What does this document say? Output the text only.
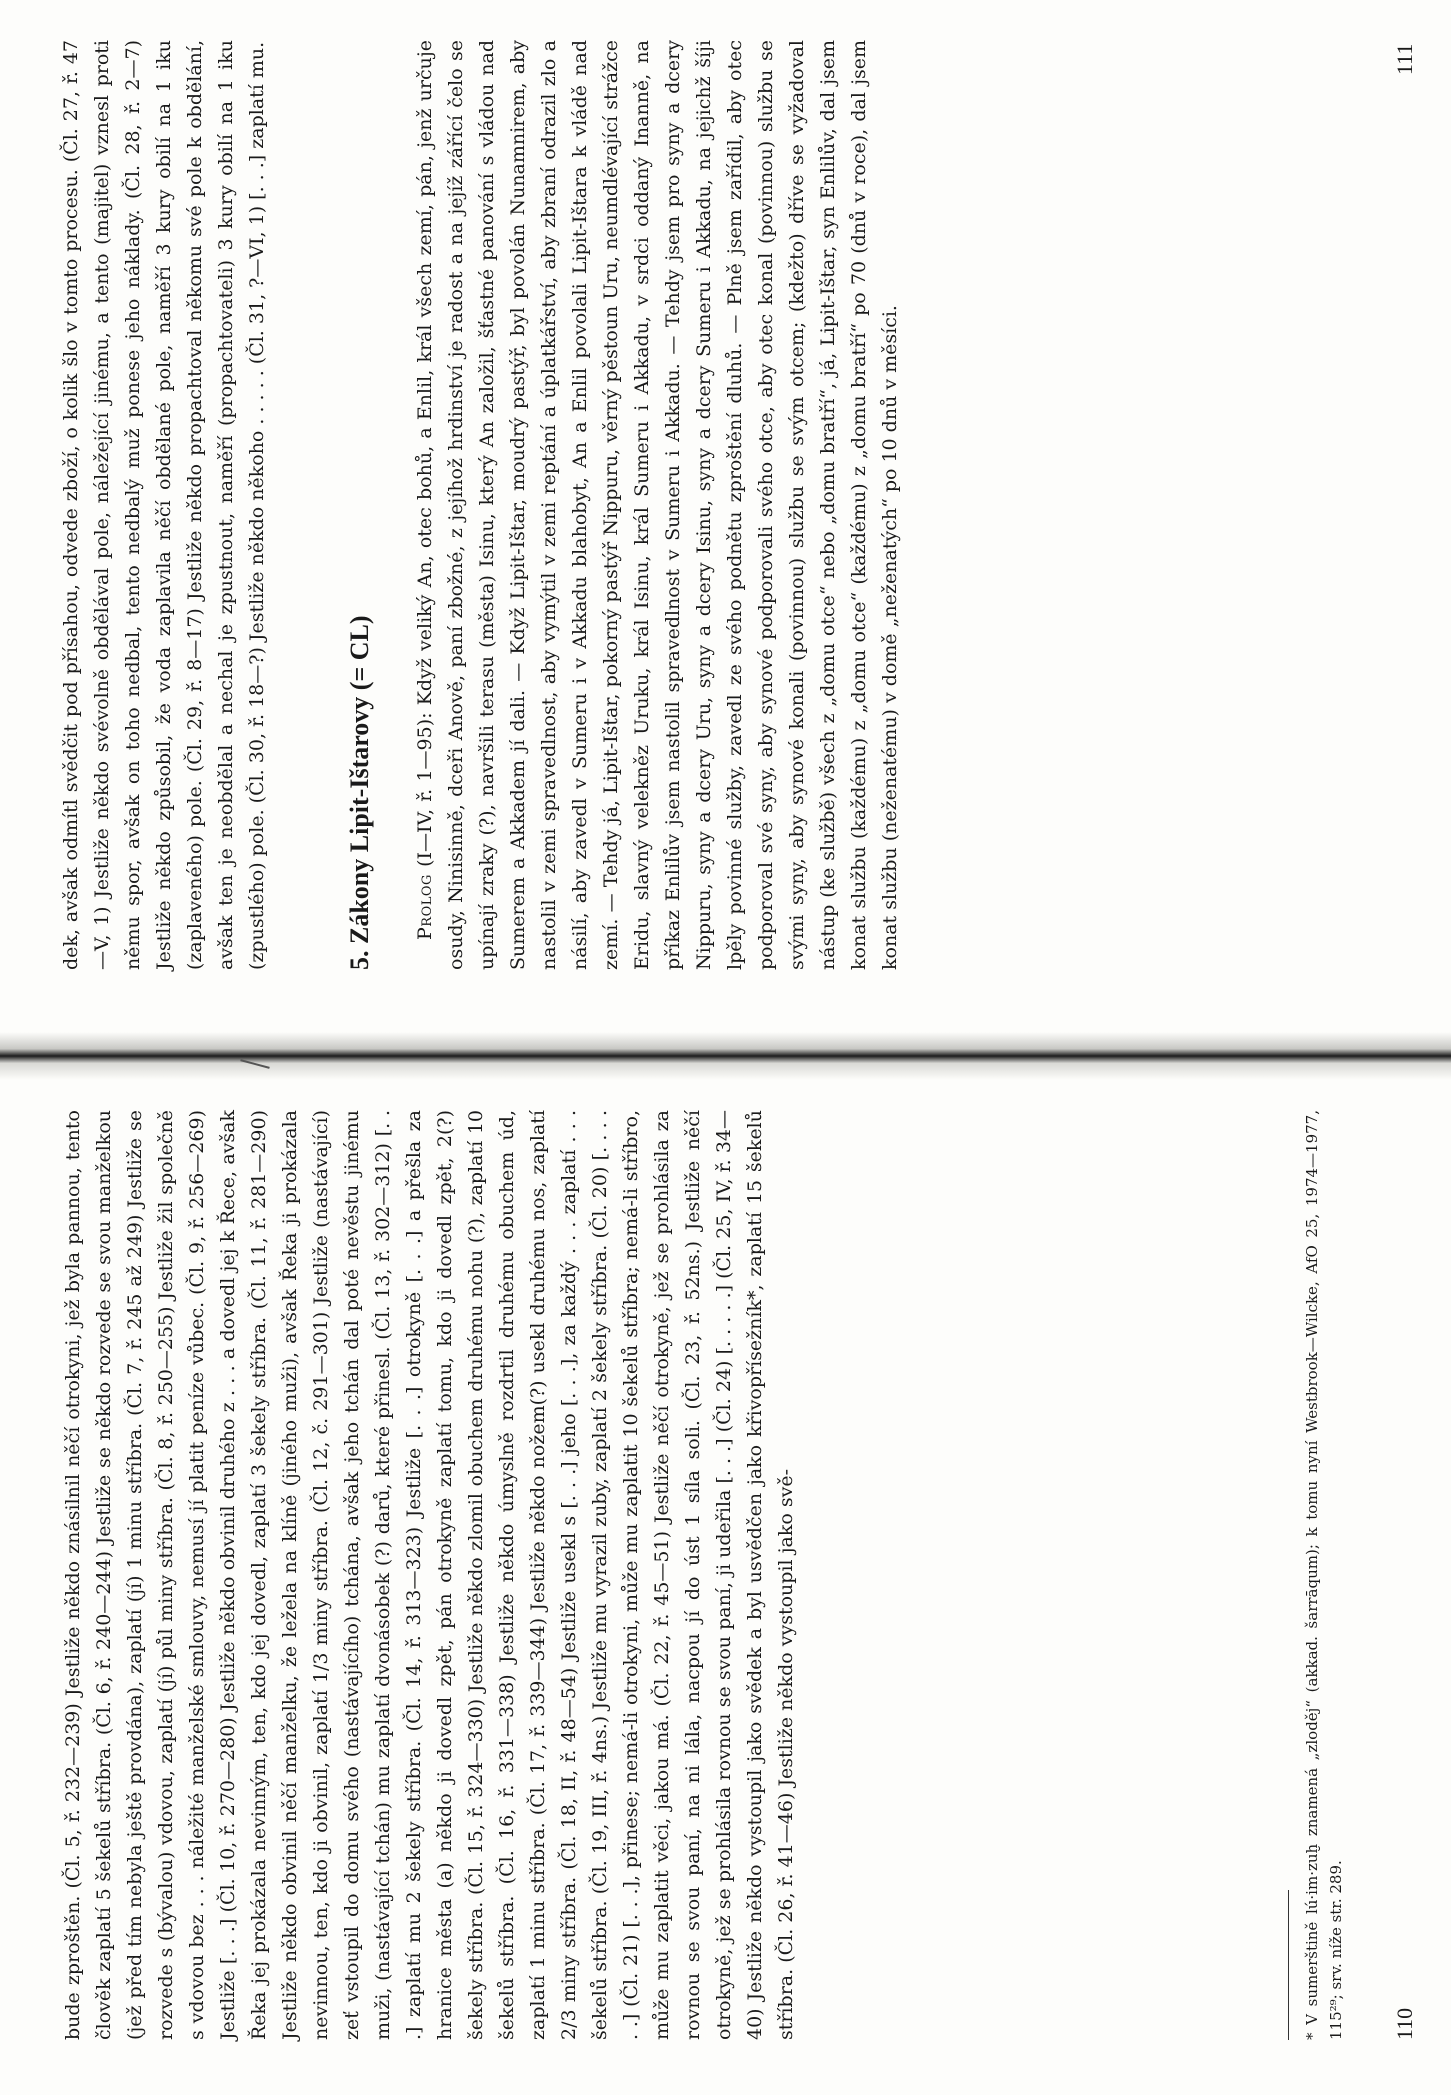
bude zproštěn. (Čl. 5, ř. 232—239) Jestliže někdo znásilnil něčí otrokyni, jež byla pannou, tento člověk zaplatí 5 šekelů stříbra. (Čl. 6, ř. 240—244) Jestliže se někdo rozvede se svou manželkou (jež před tím nebyla ještě provdána), zaplatí (jí) 1 minu stříbra. (Čl. 7, ř. 245 až 249) Jestliže se rozvede s (bývalou) vdovou, zaplatí (jí) půl miny stříbra. (Čl. 8, ř. 250—255) Jestliže žil společně s vdovou bez . . . náležité manželské smlouvy, nemusí jí platit peníze vůbec. (Čl. 9, ř. 256—269) Jestliže [. . .] (Čl. 10, ř. 270—280) Jestliže někdo obvinil druhého z . . . a dovedl jej k Řece, avšak Řeka jej prokázala nevinným, ten, kdo jej dovedl, zaplatí 3 šekely stříbra. (Čl. 11, ř. 281—290) Jestliže někdo obvinil něčí manželku, že ležela na klíně (jiného muži), avšak Řeka ji prokázala nevinnou, ten, kdo ji obvinil, zaplatí 1/3 miny stříbra. (Čl. 12, č. 291—301) Jestliže (nastávající) zeť vstoupil do domu svého (nastávajícího) tchána, avšak jeho tchán dal poté nevěstu jinému muži, (nastávající tchán) mu zaplatí dvonásobek (?) darů, které přinesl. (Čl. 13, ř. 302—312) [. . .] zaplatí mu 2 šekely stříbra. (Čl. 14, ř. 313—323) Jestliže [. . .] otrokyně [. . .] a přešla za hranice města (a) někdo ji dovedl zpět, pán otrokyně zaplatí tomu, kdo ji dovedl zpět, 2(?) šekely stříbra. (Čl. 15, ř. 324—330) Jestliže někdo zlomil obuchem druhému nohu (?), zaplatí 10 šekelů stříbra. (Čl. 16, ř. 331—338) Jestliže někdo úmyslně rozdrtil druhému obuchem úd, zaplatí 1 minu stříbra. (Čl. 17, ř. 339—344) Jestliže někdo nožem(?) usekl druhému nos, zaplatí 2/3 miny stříbra. (Čl. 18, II, ř. 48—54) Jestliže usekl s [. . .] jeho [. . .], za každý . . . zaplatí . . . šekelů stříbra. (Čl. 19, III, ř. 4ns.) Jestliže mu vyrazil zuby, zaplatí 2 šekely stříbra. (Čl. 20) [. . . . . .] (Čl. 21) [. . .], přinese; nemá-li otrokyni, může mu zaplatit 10 šekelů stříbra; nemá-li stříbro, může mu zaplatit věci, jakou má. (Čl. 22, ř. 45—51) Jestliže něčí otrokyně, jež se prohlásila za rovnou se svou paní, na ni lála, nacpou jí do úst 1 síla soli. (Čl. 23, ř. 52ns.) Jestliže něčí otrokyně, jež se prohlásila rovnou se svou paní, ji udeřila [. . .] (Čl. 24) [. . . . .] (Čl. 25, IV, ř. 34—40) Jestliže někdo vystoupil jako svědek a byl usvědčen jako křivopřísežník*, zaplatí 15 šekelů stříbra. (Čl. 26, ř. 41—46) Jestliže někdo vystoupil jako svě-	* V sumerštině lú·im·zuḫ znamená „zloděj“ (akkad. šarrāqum); k tomu nyní Westbrook—Wilcke, AfO 25, 1974—1977, 115²⁹; srv. níže str. 289. 110

dek, avšak odmítl svědčit pod přísahou, odvede zboží, o kolik šlo v tomto procesu. (Čl. 27, ř. 47—V, 1) Jestliže někdo svévolně obdělával pole, náležející jinému, a tento (majitel) vznesl proti němu spor, avšak on toho nedbal, tento nedbalý muž ponese jeho náklady. (Čl. 28, ř. 2—7) Jestliže někdo způsobil, že voda zaplavila něčí obdělané pole, naměří 3 kury obilí na 1 iku (zaplaveného) pole. (Čl. 29, ř. 8—17) Jestliže někdo propachtoval někomu své pole k obdělání, avšak ten je neobdělal a nechal je zpustnout, naměří (propachtovateli) 3 kury obilí na 1 iku (zpustlého) pole. (Čl. 30, ř. 18—?) Jestliže někdo někoho . . . . . (Čl. 31, ?—VI, 1) [. . .] zaplatí mu.	5. Zákony Lipit-Ištarovy (= CL) Prolog (I—IV, ř. 1—95): Když veliký An, otec bohů, a Enlil, král všech zemí, pán, jenž určuje osudy, Ninisinně, dceři Anově, paní zbožné, z jejíhož hrdinství je radost a na jejíž zářící čelo se upínají zraky (?), navršili terasu (města) Isinu, který An založil, šťastné panování s vládou nad Sumerem a Akkadem jí dali. — Když Lipit-Ištar, moudrý pastýř, byl povolán Nunamnirem, aby nastolil v zemi spravedlnost, aby vymýtil v zemi reptání a úplatkářství, aby zbraní odrazil zlo a násilí, aby zavedl v Sumeru i v Akkadu blahobyt, An a Enlil povolali Lipit-Ištara k vládě nad zemí. — Tehdy já, Lipit-Ištar, pokorný pastýř Nippuru, věrný pěstoun Uru, neumdlévající strážce Eridu, slavný velekněz Uruku, král Isinu, král Sumeru i Akkadu, v srdci oddaný Inanně, na příkaz Enlilův jsem nastolil spravedlnost v Sumeru i Akkadu. — Tehdy jsem pro syny a dcery Nippuru, syny a dcery Uru, syny a dcery Isinu, syny a dcery Sumeru i Akkadu, na jejichž šíji lpěly povinné služby, zavedl ze svého podnětu zproštění dluhů. — Plně jsem zařídil, aby otec podporoval své syny, aby synové podporovali svého otce, aby otec konal (povinnou) službu se svými syny, aby synové konali (povinnou) službu se svým otcem; (kdežto) dříve se vyžadoval nástup (ke službě) všech z „domu otce“ nebo „domu bratří“, já, Lipit-Ištar, syn Enlilův, dal jsem konat službu (každému) z „domu otce“ (každému) z „domu bratří“ po 70 (dnů v roce), dal jsem konat službu (neženatému) v domě „neženatých“ po 10 dnů v měsíci.
111
